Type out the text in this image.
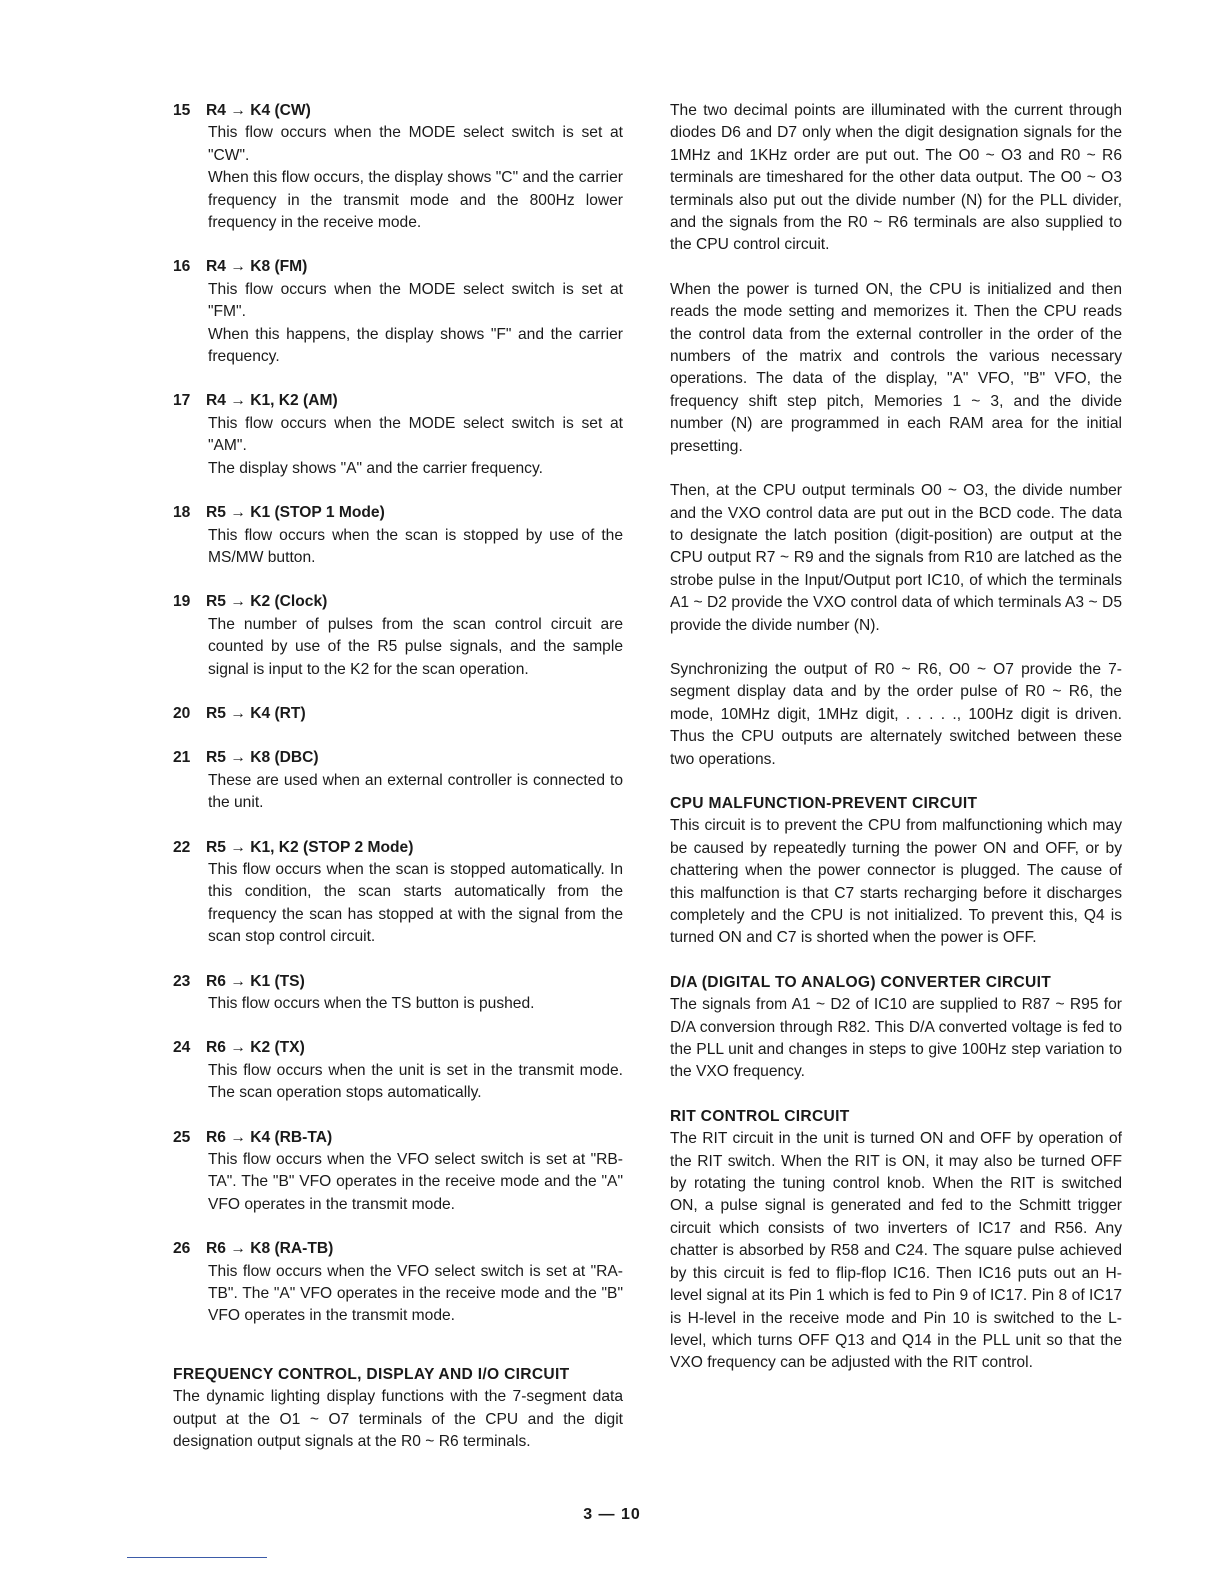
15	R4 → K4 (CW)

This flow occurs when the MODE select switch is set at "CW".

When this flow occurs, the display shows "C" and the carrier frequency in the transmit mode and the 800Hz lower frequency in the receive mode.

16	R4 → K8 (FM)

This flow occurs when the MODE select switch is set at "FM".

When this happens, the display shows "F" and the carrier frequency.

17	R4 → K1, K2 (AM)

This flow occurs when the MODE select switch is set at "AM".

The display shows "A" and the carrier frequency.

18	R5 → K1 (STOP 1 Mode)

This flow occurs when the scan is stopped by use of the MS/MW button.

19	R5 → K2 (Clock)

The number of pulses from the scan control circuit are counted by use of the R5 pulse signals, and the sample signal is input to the K2 for the scan operation.

20	R5 → K4 (RT)
21	R5 → K8 (DBC)

These are used when an external controller is connected to the unit.

22	R5 → K1, K2 (STOP 2 Mode)

This flow occurs when the scan is stopped automatically. In this condition, the scan starts automatically from the frequency the scan has stopped at with the signal from the scan stop control circuit.

23	R6 → K1 (TS)

This flow occurs when the TS button is pushed.

24	R6 → K2 (TX)

This flow occurs when the unit is set in the transmit mode. The scan operation stops automatically.

25	R6 → K4 (RB-TA)

This flow occurs when the VFO select switch is set at "RB-TA". The "B" VFO operates in the receive mode and the "A" VFO operates in the transmit mode.

26	R6 → K8 (RA-TB)

This flow occurs when the VFO select switch is set at "RA-TB". The "A" VFO operates in the receive mode and the "B" VFO operates in the transmit mode.

FREQUENCY CONTROL, DISPLAY AND I/O CIRCUIT

The dynamic lighting display functions with the 7-segment data output at the O1 ~ O7 terminals of the CPU and the digit designation output signals at the R0 ~ R6 terminals.

The two decimal points are illuminated with the current through diodes D6 and D7 only when the digit designation signals for the 1MHz and 1KHz order are put out. The O0 ~ O3 and R0 ~ R6 terminals are timeshared for the other data output. The O0 ~ O3 terminals also put out the divide number (N) for the PLL divider, and the signals from the R0 ~ R6 terminals are also supplied to the CPU control circuit.

When the power is turned ON, the CPU is initialized and then reads the mode setting and memorizes it. Then the CPU reads the control data from the external controller in the order of the numbers of the matrix and controls the various necessary operations. The data of the display, "A" VFO, "B" VFO, the frequency shift step pitch, Memories 1 ~ 3, and the divide number (N) are programmed in each RAM area for the initial presetting.

Then, at the CPU output terminals O0 ~ O3, the divide number and the VXO control data are put out in the BCD code. The data to designate the latch position (digit-position) are output at the CPU output R7 ~ R9 and the signals from R10 are latched as the strobe pulse in the Input/Output port IC10, of which the terminals A1 ~ D2 provide the VXO control data of which terminals A3 ~ D5 provide the divide number (N).

Synchronizing the output of R0 ~ R6, O0 ~ O7 provide the 7-segment display data and by the order pulse of R0 ~ R6, the mode, 10MHz digit, 1MHz digit, . . . . ., 100Hz digit is driven. Thus the CPU outputs are alternately switched between these two operations.

CPU MALFUNCTION-PREVENT CIRCUIT

This circuit is to prevent the CPU from malfunctioning which may be caused by repeatedly turning the power ON and OFF, or by chattering when the power connector is plugged. The cause of this malfunction is that C7 starts recharging before it discharges completely and the CPU is not initialized. To prevent this, Q4 is turned ON and C7 is shorted when the power is OFF.

D/A (DIGITAL TO ANALOG) CONVERTER CIRCUIT

The signals from A1 ~ D2 of IC10 are supplied to R87 ~ R95 for D/A conversion through R82. This D/A converted voltage is fed to the PLL unit and changes in steps to give 100Hz step variation to the VXO frequency.

RIT CONTROL CIRCUIT

The RIT circuit in the unit is turned ON and OFF by operation of the RIT switch. When the RIT is ON, it may also be turned OFF by rotating the tuning control knob. When the RIT is switched ON, a pulse signal is generated and fed to the Schmitt trigger circuit which consists of two inverters of IC17 and R56. Any chatter is absorbed by R58 and C24. The square pulse achieved by this circuit is fed to flip-flop IC16. Then IC16 puts out an H-level signal at its Pin 1 which is fed to Pin 9 of IC17. Pin 8 of IC17 is H-level in the receive mode and Pin 10 is switched to the L-level, which turns OFF Q13 and Q14 in the PLL unit so that the VXO frequency can be adjusted with the RIT control.

3 — 10
